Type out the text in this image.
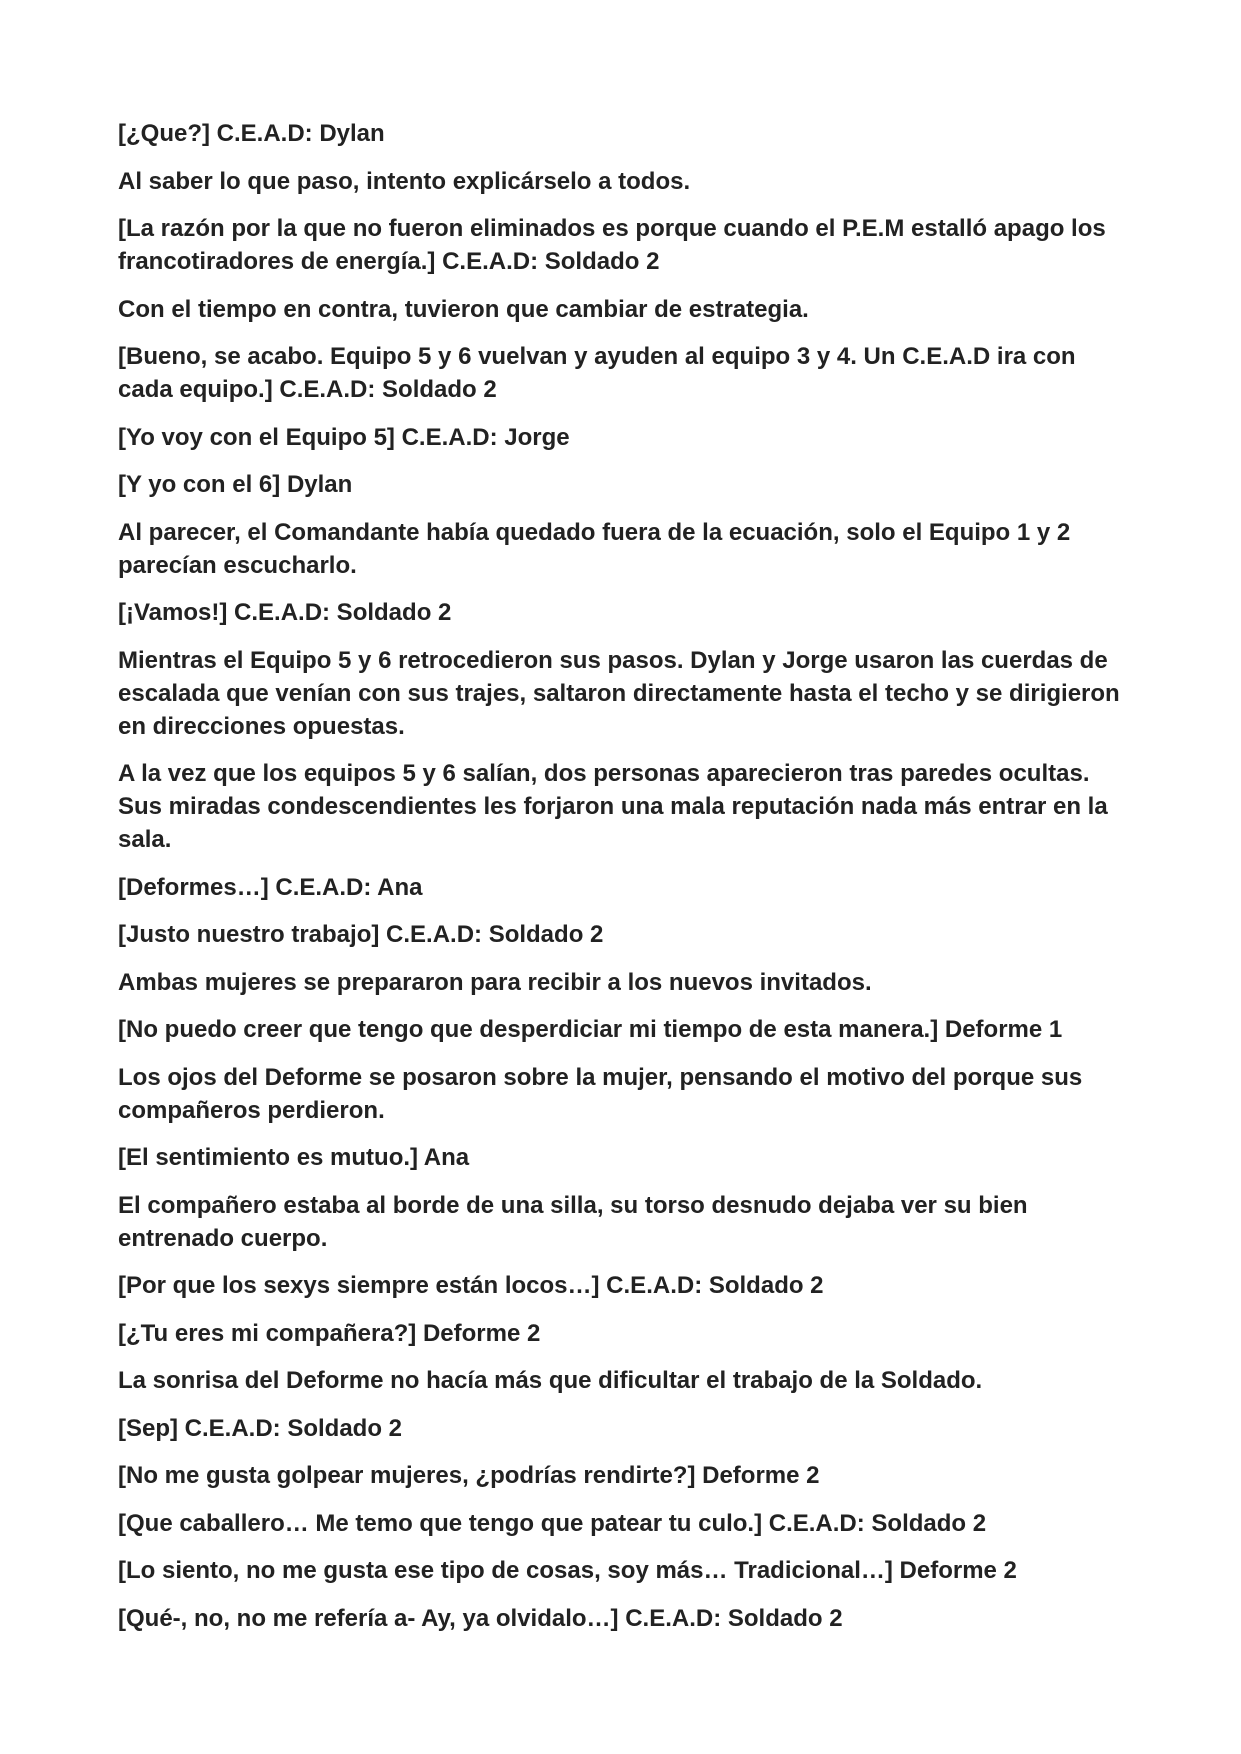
[¿Que?] C.E.A.D: Dylan

Al saber lo que paso, intento explicárselo a todos.

[La razón por la que no fueron eliminados es porque cuando el P.E.M estalló apago los francotiradores de energía.] C.E.A.D: Soldado 2

Con el tiempo en contra, tuvieron que cambiar de estrategia.

[Bueno, se acabo. Equipo 5 y 6 vuelvan y ayuden al equipo 3 y 4. Un C.E.A.D ira con cada equipo.] C.E.A.D: Soldado 2

[Yo voy con el Equipo 5] C.E.A.D: Jorge

[Y yo con el 6] Dylan

Al parecer, el Comandante había quedado fuera de la ecuación, solo el Equipo 1 y 2 parecían escucharlo.

[¡Vamos!] C.E.A.D: Soldado 2

Mientras el Equipo 5 y 6 retrocedieron sus pasos. Dylan y Jorge usaron las cuerdas de escalada que venían con sus trajes, saltaron directamente hasta el techo y se dirigieron en direcciones opuestas.

A la vez que los equipos 5 y 6 salían, dos personas aparecieron tras paredes ocultas. Sus miradas condescendientes les forjaron una mala reputación nada más entrar en la sala.

[Deformes…] C.E.A.D: Ana

[Justo nuestro trabajo] C.E.A.D: Soldado 2

Ambas mujeres se prepararon para recibir a los nuevos invitados.

[No puedo creer que tengo que desperdiciar mi tiempo de esta manera.] Deforme 1

Los ojos del Deforme se posaron sobre la mujer, pensando el motivo del porque sus compañeros perdieron.

[El sentimiento es mutuo.] Ana

El compañero estaba al borde de una silla, su torso desnudo dejaba ver su bien entrenado cuerpo.

[Por que los sexys siempre están locos…] C.E.A.D: Soldado 2

[¿Tu eres mi compañera?] Deforme 2

La sonrisa del Deforme no hacía más que dificultar el trabajo de la Soldado.

[Sep] C.E.A.D: Soldado 2

[No me gusta golpear mujeres, ¿podrías rendirte?] Deforme 2

[Que caballero… Me temo que tengo que patear tu culo.] C.E.A.D: Soldado 2

[Lo siento, no me gusta ese tipo de cosas, soy más… Tradicional…] Deforme 2

[Qué-, no, no me refería a- Ay, ya olvidalo…] C.E.A.D: Soldado 2
